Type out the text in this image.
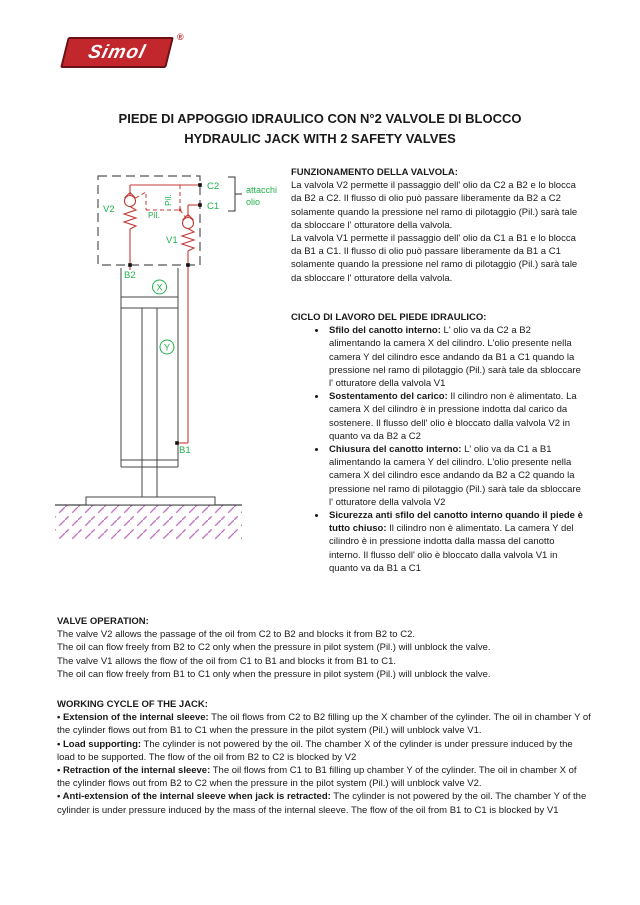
Simol
®
PIEDE DI APPOGGIO IDRAULICO CON N°2 VALVOLE DI BLOCCO
HYDRAULIC JACK WITH 2 SAFETY VALVES
C2
C1
V2
V1
B2
B1
attacchi
olio
Pil.
Pil.
X
Y
FUNZIONAMENTO DELLA VALVOLA:
La valvola V2 permette il passaggio dell' olio da C2 a B2 e lo blocca da B2 a C2. Il flusso di olio può passare liberamente da B2 a C2 solamente quando la pressione nel ramo di pilotaggio (Pil.) sarà tale da sbloccare l' otturatore della valvola.
La valvola V1 permette il passaggio dell' olio da C1 a B1 e lo blocca da B1 a C1. Il flusso di olio può passare liberamente da B1 a C1 solamente quando la pressione nel ramo di pilotaggio (Pil.) sarà tale da sbloccare l' otturatore della valvola.
CICLO DI LAVORO DEL PIEDE IDRAULICO:
• Sfilo del canotto interno: L' olio va da C2 a B2 alimentando la camera X del cilindro. L'olio presente nella camera Y del cilindro esce andando da B1 a C1 quando la pressione nel ramo di pilotaggio (Pil.) sarà tale da sbloccare l' otturatore della valvola V1
• Sostentamento del carico: Il cilindro non è alimentato. La camera X del cilindro è in pressione indotta dal carico da sostenere. Il flusso dell' olio è bloccato dalla valvola V2 in quanto va da B2 a C2
• Chiusura del canotto interno: L' olio va da C1 a B1 alimentando la camera Y del cilindro. L'olio presente nella camera X del cilindro esce andando da B2 a C2 quando la pressione nel ramo di pilotaggio (Pil.) sarà tale da sbloccare l' otturatore della valvola V2
• Sicurezza anti sfilo del canotto interno quando il piede è tutto chiuso: Il cilindro non è alimentato. La camera Y del cilindro è in pressione indotta dalla massa del canotto interno. Il flusso dell' olio è bloccato dalla valvola V1 in quanto va da B1 a C1
VALVE OPERATION:
The valve V2 allows the passage of the oil from C2 to B2 and blocks it from B2 to C2.
The oil can flow freely from B2 to C2 only when the pressure in pilot system (Pil.) will unblock the valve.
The valve V1 allows the flow of the oil from C1 to B1 and blocks it from B1 to C1.
The oil can flow freely from B1 to C1 only when the pressure in pilot system (Pil.) will unblock the valve.
WORKING CYCLE OF THE JACK:
• Extension of the internal sleeve: The oil flows from C2 to B2 filling up the X chamber of the cylinder. The oil in chamber Y of the cylinder flows out from B1 to C1 when the pressure in the pilot system (Pil.) will unblock valve V1.
• Load supporting: The cylinder is not powered by the oil. The chamber X of the cylinder is under pressure induced by the load to be supported. The flow of the oil from B2 to C2 is blocked by V2
• Retraction of the internal sleeve: The oil flows from C1 to B1 filling up chamber Y of the cylinder. The oil in chamber X of the cylinder flows out from B2 to C2 when the pressure in the pilot system (Pil.) will unblock valve V2.
• Anti-extension of the internal sleeve when jack is retracted: The cylinder is not powered by the oil. The chamber Y of the cylinder is under pressure induced by the mass of the internal sleeve. The flow of the oil from B1 to C1 is blocked by V1
